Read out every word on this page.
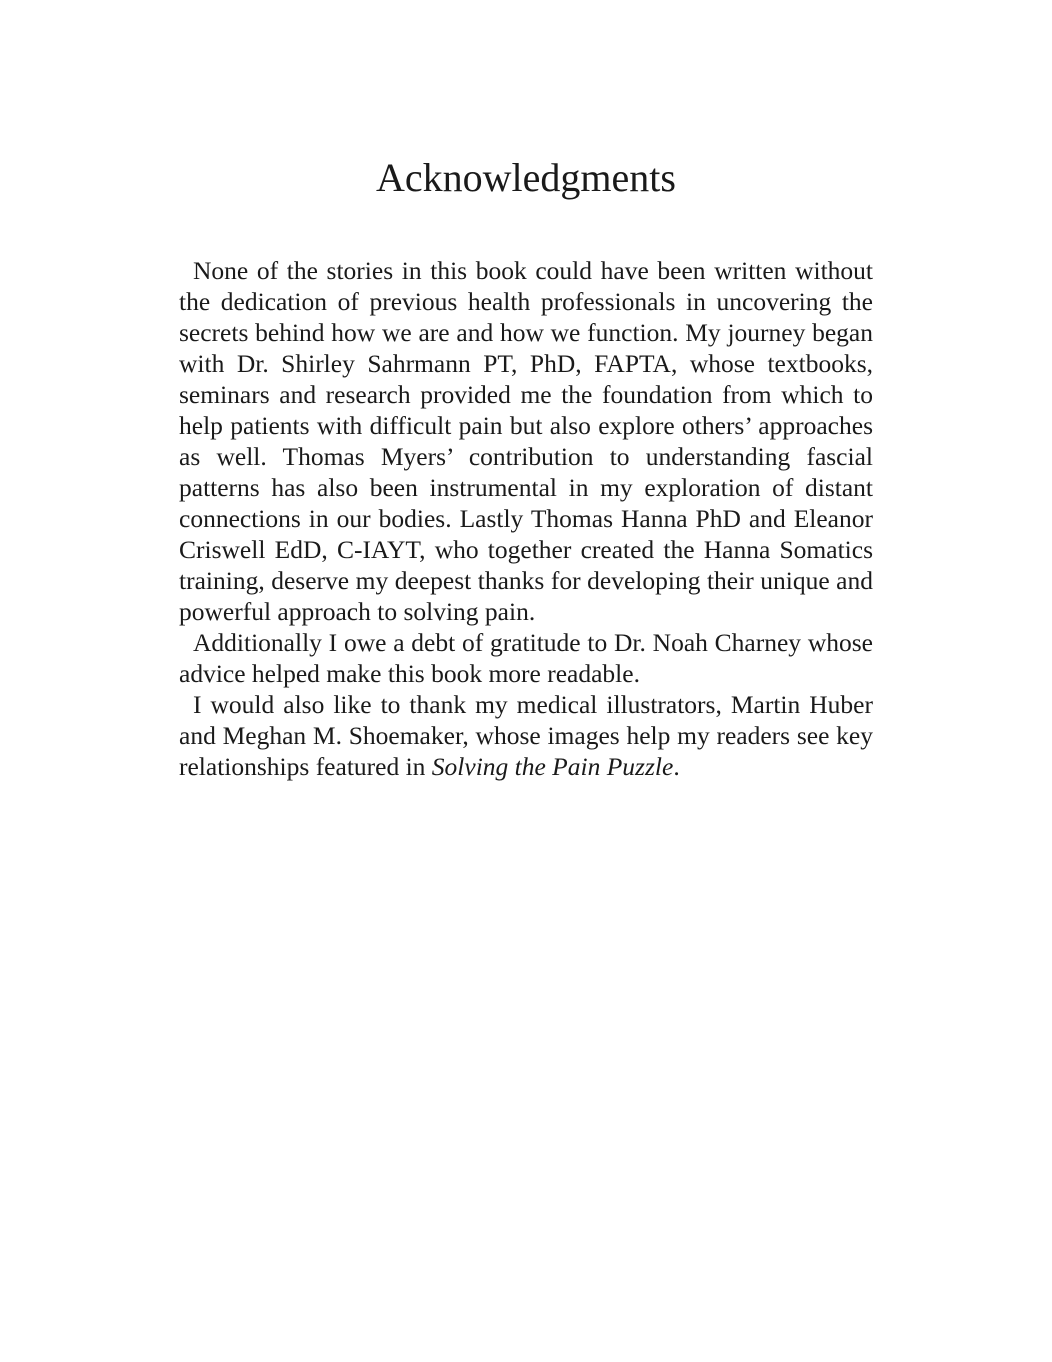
Acknowledgments

None of the stories in this book could have been written without the dedication of previous health professionals in uncovering the secrets behind how we are and how we function. My journey began with Dr. Shirley Sahrmann PT, PhD, FAPTA, whose textbooks, seminars and research provided me the foundation from which to help patients with difficult pain but also explore others’ approaches as well. Thomas Myers’ contribution to understanding fascial patterns has also been instrumental in my exploration of distant connections in our bodies. Lastly Thomas Hanna PhD and Eleanor Criswell EdD, C-IAYT, who together created the Hanna Somatics training, deserve my deepest thanks for developing their unique and powerful approach to solving pain.

Additionally I owe a debt of gratitude to Dr. Noah Charney whose advice helped make this book more readable.

I would also like to thank my medical illustrators, Martin Huber and Meghan M. Shoemaker, whose images help my readers see key relationships featured in Solving the Pain Puzzle.
